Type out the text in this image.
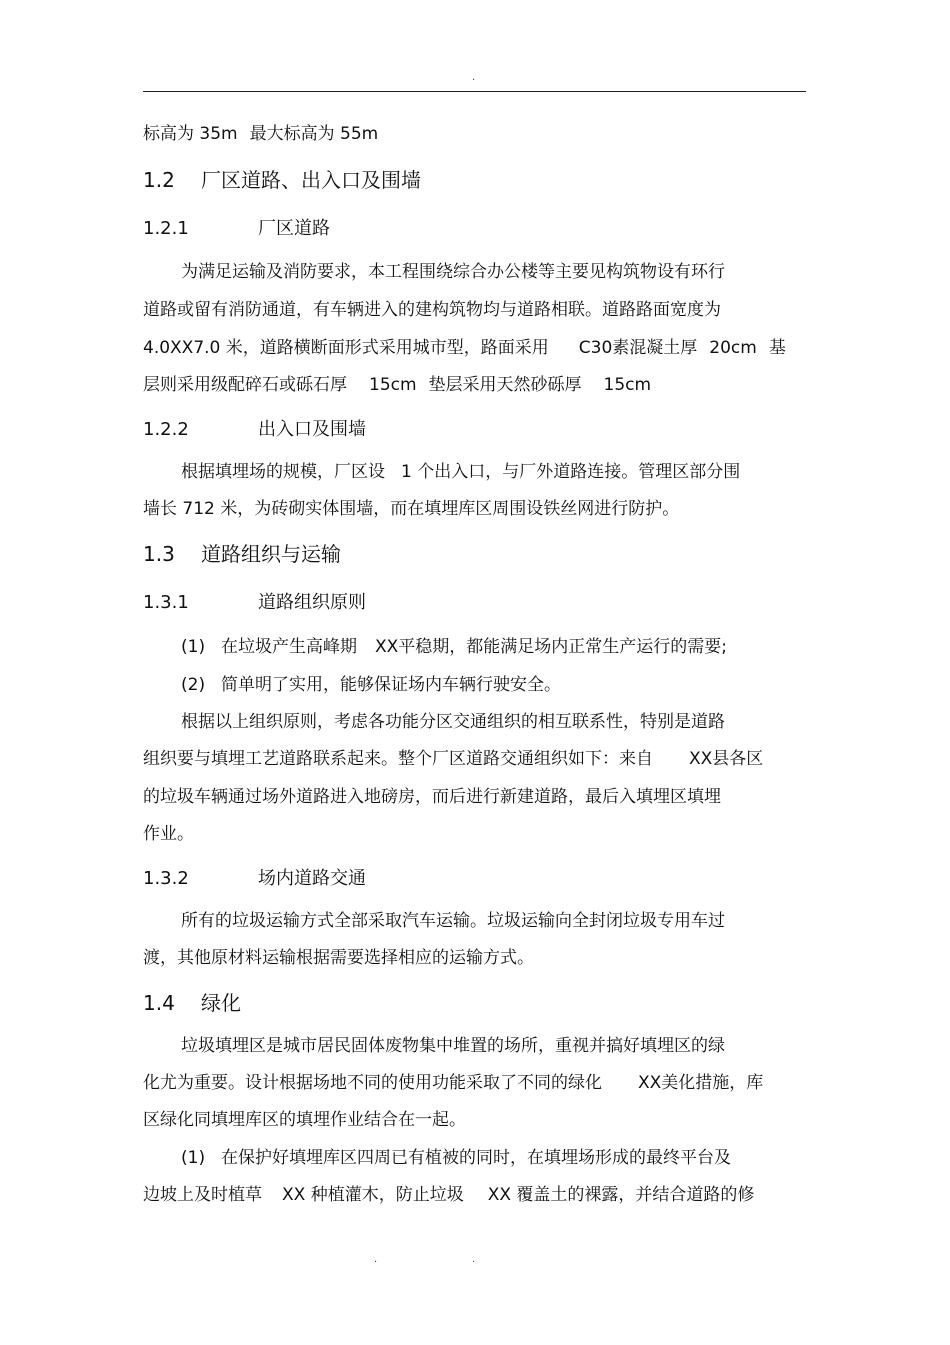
.
标高为 35m 最大标高为 55m
1.2 厂区道路、出入口及围墙
1.2.1	厂区道路
为满足运输及消防要求，本工程围绕综合办公楼等主要见构筑物设有环行
道路或留有消防通道，有车辆进入的建构筑物均与道路相联。道路路面宽度为
4.0XX7.0 米，道路横断面形式采用城市型，路面采用 C30素混凝土厚 20cm 基
层则采用级配碎石或砾石厚 15cm 垫层采用天然砂砾厚 15cm
1.2.2	出入口及围墙
根据填埋场的规模，厂区设 1 个出入口，与厂外道路连接。管理区部分围
墙长 712 米，为砖砌实体围墙，而在填埋库区周围设铁丝网进行防护。
1.3 道路组织与运输
1.3.1	道路组织原则
(1) 在垃圾产生高峰期 XX平稳期，都能满足场内正常生产运行的需要;
(2) 简单明了实用，能够保证场内车辆行驶安全。
根据以上组织原则，考虑各功能分区交通组织的相互联系性，特别是道路
组织要与填埋工艺道路联系起来。整个厂区道路交通组织如下：来自 XX县各区
的垃圾车辆通过场外道路进入地磅房，而后进行新建道路，最后入填埋区填埋
作业。
1.3.2	场内道路交通
所有的垃圾运输方式全部采取汽车运输。垃圾运输向全封闭垃圾专用车过
渡，其他原材料运输根据需要选择相应的运输方式。
1.4 绿化
垃圾填埋区是城市居民固体废物集中堆置的场所，重视并搞好填埋区的绿
化尤为重要。设计根据场地不同的使用功能采取了不同的绿化 XX美化措施，库
区绿化同填埋库区的填埋作业结合在一起。
(1) 在保护好填埋库区四周已有植被的同时，在填埋场形成的最终平台及
边坡上及时植草 XX 种植灌木，防止垃圾 XX 覆盖土的裸露，并结合道路的修
.	.
